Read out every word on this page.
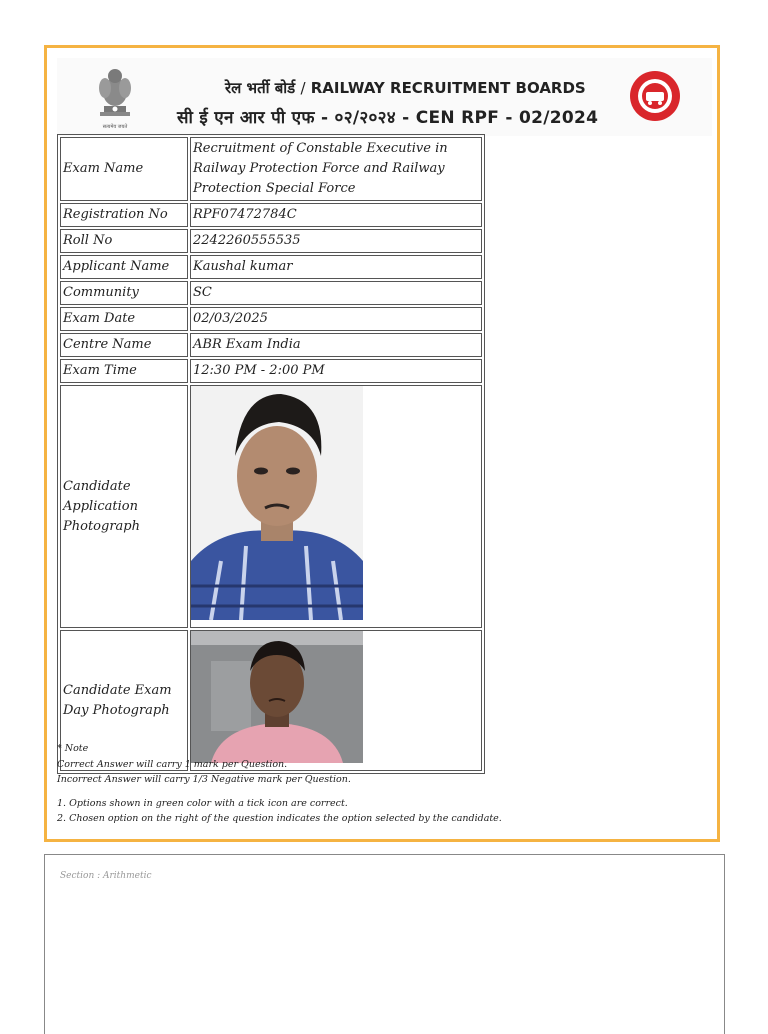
सत्यमेव जयते
रेल भर्ती बोर्ड / RAILWAY RECRUITMENT BOARDS
सी ई एन आर पी एफ - ०२/२०२४ - CEN RPF - 02/2024
Exam Name	Recruitment of Constable Executive in Railway Protection Force and Railway Protection Special Force
Registration No	RPF07472784C
Roll No	2242260555535
Applicant Name	Kaushal kumar
Community	SC
Exam Date	02/03/2025
Centre Name	ABR Exam India
Exam Time	12:30 PM - 2:00 PM
Candidate Application Photograph	
Candidate Exam Day Photograph	
* Note
Correct Answer will carry 1 mark per Question.
Incorrect Answer will carry 1/3 Negative mark per Question.
1. Options shown in green color with a tick icon are correct.
2. Chosen option on the right of the question indicates the option selected by the candidate.
Section : Arithmetic
